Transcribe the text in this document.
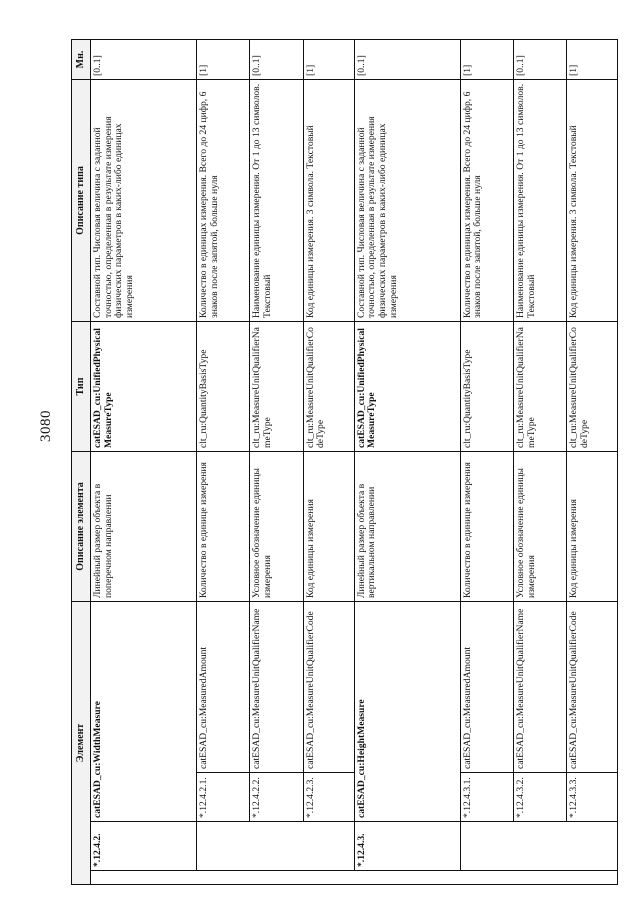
3080
Элемент				Описание элемента	Тип	Описание типа	Мн.
	*.12.4.2.	catESAD_cu:WidthMeasure		Линейный размер объекта в поперечном направлении	catESAD_cu:UnifiedPhysicalMeasureType	Составной тип. Числовая величина с заданной точностью, определенная в результате измерения физических параметров в каких-либо единицах измерения	[0..1]
		*.12.4.2.1.	catESAD_cu:MeasuredAmount	Количество в единице измерения	clt_ru:QuantityBasisType	Количество в единицах измерения. Всего до 24 цифр, 6 знаков после запятой, больше нуля	[1]
		*.12.4.2.2.	catESAD_cu:MeasureUnitQualifierName	Условное обозначение единицы измерения	clt_ru:MeasureUnitQualifierNameType	Наименование единицы измерения. От 1 до 13 символов. Текстовый	[0..1]
		*.12.4.2.3.	catESAD_cu:MeasureUnitQualifierCode	Код единицы измерения	clt_ru:MeasureUnitQualifierCodeType	Код единицы измерения. 3 символа. Текстовый	[1]
	*.12.4.3.	catESAD_cu:HeightMeasure		Линейный размер объекта в вертикальном направлении	catESAD_cu:UnifiedPhysicalMeasureType	Составной тип. Числовая величина с заданной точностью, определенная в результате измерения физических параметров в каких-либо единицах измерения	[0..1]
		*.12.4.3.1.	catESAD_cu:MeasuredAmount	Количество в единице измерения	clt_ru:QuantityBasisType	Количество в единицах измерения. Всего до 24 цифр, 6 знаков после запятой, больше нуля	[1]
		*.12.4.3.2.	catESAD_cu:MeasureUnitQualifierName	Условное обозначение единицы измерения	clt_ru:MeasureUnitQualifierNameType	Наименование единицы измерения. От 1 до 13 символов. Текстовый	[0..1]
		*.12.4.3.3.	catESAD_cu:MeasureUnitQualifierCode	Код единицы измерения	clt_ru:MeasureUnitQualifierCodeType	Код единицы измерения. 3 символа. Текстовый	[1]
